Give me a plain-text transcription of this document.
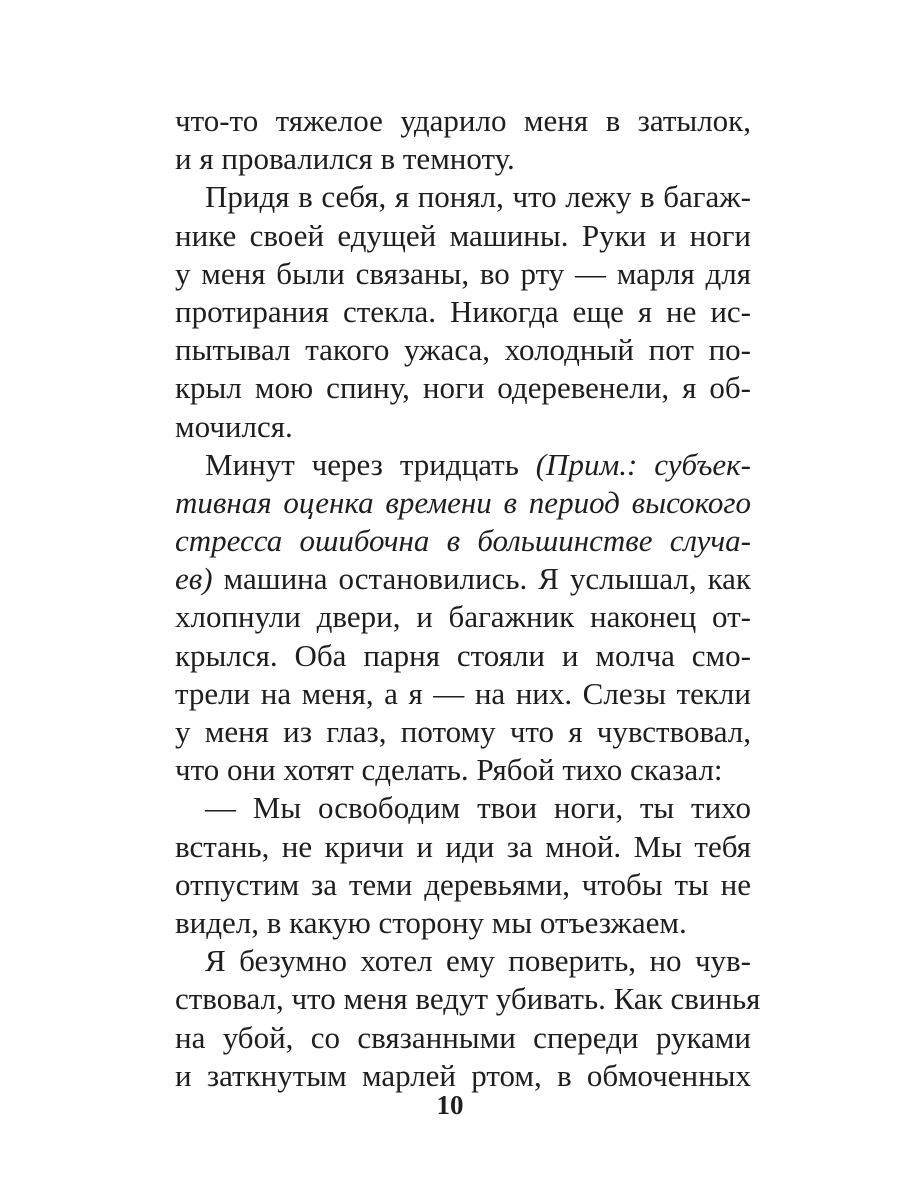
что-то тяжелое ударило меня в затылок,
и я провалился в темноту.
Придя в себя, я понял, что лежу в багаж-
нике своей едущей машины. Руки и ноги
у меня были связаны, во рту — марля для
протирания стекла. Никогда еще я не ис-
пытывал такого ужаса, холодный пот по-
крыл мою спину, ноги одеревенели, я об-
мочился.
Минут через тридцать (Прим.: субъек-
тивная оценка времени в период высокого
стресса ошибочна в большинстве случа-
ев) машина остановились. Я услышал, как
хлопнули двери, и багажник наконец от-
крылся. Оба парня стояли и молча смо-
трели на меня, а я — на них. Слезы текли
у меня из глаз, потому что я чувствовал,
что они хотят сделать. Рябой тихо сказал:
— Мы освободим твои ноги, ты тихо
встань, не кричи и иди за мной. Мы тебя
отпустим за теми деревьями, чтобы ты не
видел, в какую сторону мы отъезжаем.
Я безумно хотел ему поверить, но чув-
ствовал, что меня ведут убивать. Как свинья
на убой, со связанными спереди руками
и заткнутым марлей ртом, в обмоченных
10
